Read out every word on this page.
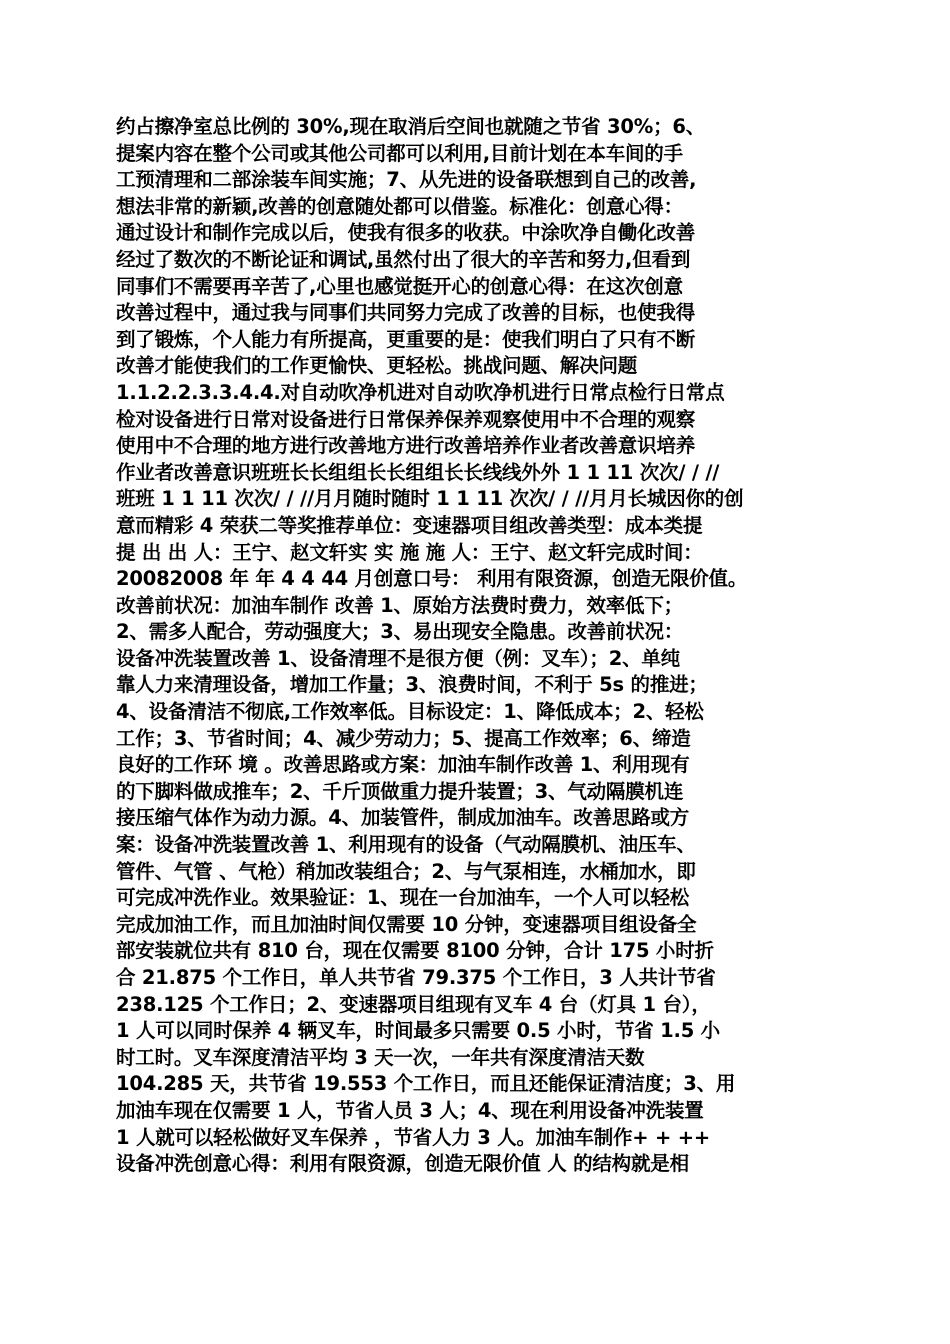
约占擦净室总比例的 30%,现在取消后空间也就随之节省 30%；6、
提案内容在整个公司或其他公司都可以利用,目前计划在本车间的手
工预清理和二部涂装车间实施；7、从先进的设备联想到自己的改善,
想法非常的新颖,改善的创意随处都可以借鉴。标准化：创意心得：
通过设计和制作完成以后，使我有很多的收获。中涂吹净自働化改善
经过了数次的不断论证和调试,虽然付出了很大的辛苦和努力,但看到
同事们不需要再辛苦了,心里也感觉挺开心的创意心得：在这次创意
改善过程中，通过我与同事们共同努力完成了改善的目标，也使我得
到了锻炼，个人能力有所提高，更重要的是：使我们明白了只有不断
改善才能使我们的工作更愉快、更轻松。挑战问题、解决问题
1.1.2.2.3.3.4.4.对自动吹净机进对自动吹净机进行日常点检行日常点
检对设备进行日常对设备进行日常保养保养观察使用中不合理的观察
使用中不合理的地方进行改善地方进行改善培养作业者改善意识培养
作业者改善意识班班长长组组长长组组长长线线外外 1 1 11 次次/ / //
班班 1 1 11 次次/ / //月月随时随时 1 1 11 次次/ / //月月长城因你的创
意而精彩 4 荣获二等奖推荐单位：变速器项目组改善类型：成本类提
提 出 出 人：王宁、赵文轩实 实 施 施 人：王宁、赵文轩完成时间：
20082008 年 年 4 4 44 月创意口号： 利用有限资源，创造无限价值。
改善前状况：加油车制作 改善 1、原始方法费时费力，效率低下；
2、需多人配合，劳动强度大；3、易出现安全隐患。改善前状况：
设备冲洗装置改善 1、设备清理不是很方便（例：叉车）；2、单纯
靠人力来清理设备，增加工作量；3、浪费时间，不利于 5s 的推进；
4、设备清洁不彻底,工作效率低。目标设定：1、降低成本；2、轻松
工作；3、节省时间；4、减少劳动力；5、提高工作效率；6、缔造
良好的工作环 境 。改善思路或方案：加油车制作改善 1、利用现有
的下脚料做成推车；2、千斤顶做重力提升装置；3、气动隔膜机连
接压缩气体作为动力源。4、加装管件，制成加油车。改善思路或方
案：设备冲洗装置改善 1、利用现有的设备（气动隔膜机、油压车、
管件、气管 、气枪）稍加改装组合；2、与气泵相连，水桶加水，即
可完成冲洗作业。效果验证：1、现在一台加油车，一个人可以轻松
完成加油工作，而且加油时间仅需要 10 分钟，变速器项目组设备全
部安装就位共有 810 台，现在仅需要 8100 分钟，合计 175 小时折
合 21.875 个工作日，单人共节省 79.375 个工作日，3 人共计节省
238.125 个工作日；2、变速器项目组现有叉车 4 台（灯具 1 台），
1 人可以同时保养 4 辆叉车，时间最多只需要 0.5 小时，节省 1.5 小
时工时。叉车深度清洁平均 3 天一次，一年共有深度清洁天数
104.285 天，共节省 19.553 个工作日，而且还能保证清洁度；3、用
加油车现在仅需要 1 人，节省人员 3 人；4、现在利用设备冲洗装置
1 人就可以轻松做好叉车保养 ，节省人力 3 人。加油车制作+ + ++
设备冲洗创意心得：利用有限资源，创造无限价值 人 的结构就是相
